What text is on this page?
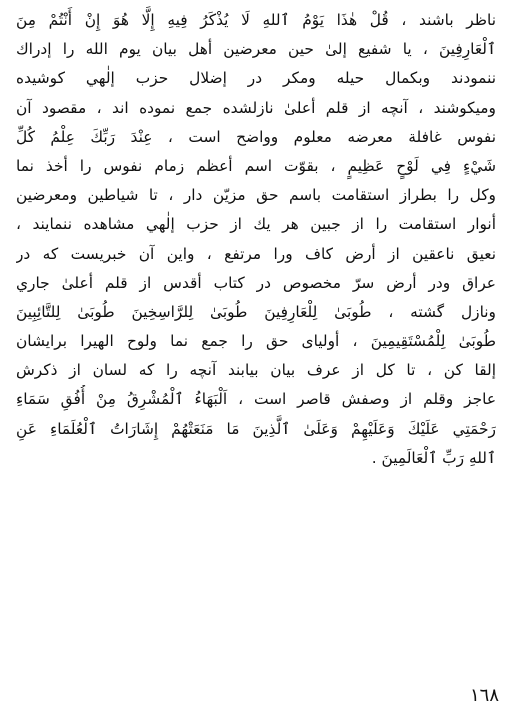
ناظر باشند ، قُلْ هٰذَا يَوْمُ ٱللهِ لَا يُذْكَرُ فِيهِ إِلَّا هُوَ إِنْ أَنْتُمْ مِنَ
ٱلْعَارِفِينَ ، يا شفيع إلىٰ حين معرضين أهل بيان يوم الله را إدراك
ننمودند وبكمال حيله ومكر در إضلال حزب إلٰهي كوشيده
وميكوشند ، آنچه از قلم أعلىٰ نازلشده جمع نموده اند ، مقصود آن
نفوس غافلة معرضه معلوم وواضح است ، عِنْدَ رَبِّكَ عِلْمُ كُلِّ
شَيْءٍ فِي لَوْحٍ عَظِيمٍ ، بقوّت اسم أعظم زمام نفوس را أخذ نما
وكل را بطراز استقامت باسم حق مزيّن دار ، تا شياطين ومعرضين
أنوار استقامت را از جبين هر يك از حزب إلٰهي مشاهده ننمايند ،
نعيق ناعقين از أرض كاف ورا مرتفع ، واين آن خبريست كه در
عراق ودر أرض سرّ مخصوص در كتاب أقدس از قلم أعلىٰ جاري
ونازل گشته ، طُوبَىٰ لِلْعَارِفِينَ طُوبَىٰ لِلرَّاسِخِينَ طُوبَىٰ لِلتَّائِبِينَ
طُوبَىٰ لِلْمُسْتَقِيمِينَ ، أولياى حق را جمع نما ولوح الهيرا برايشان
إلقا كن ، تا كل از عرف بيان بيابند آنچه را كه لسان از ذكرش
عاجز وقلم از وصفش قاصر است ، اَلْبَهَاءُ ٱلْمُشْرِقُ مِنْ أُفُقِ سَمَاءِ
رَحْمَتِي عَلَيْكَ وَعَلَيْهِمْ وَعَلَىٰ ٱلَّذِينَ مَا مَنَعَتْهُمْ إِشَارَاتُ ٱلْعُلَمَاءِ عَنِ
ٱللهِ رَبِّ ٱلْعَالَمِينَ .
١٦٨
